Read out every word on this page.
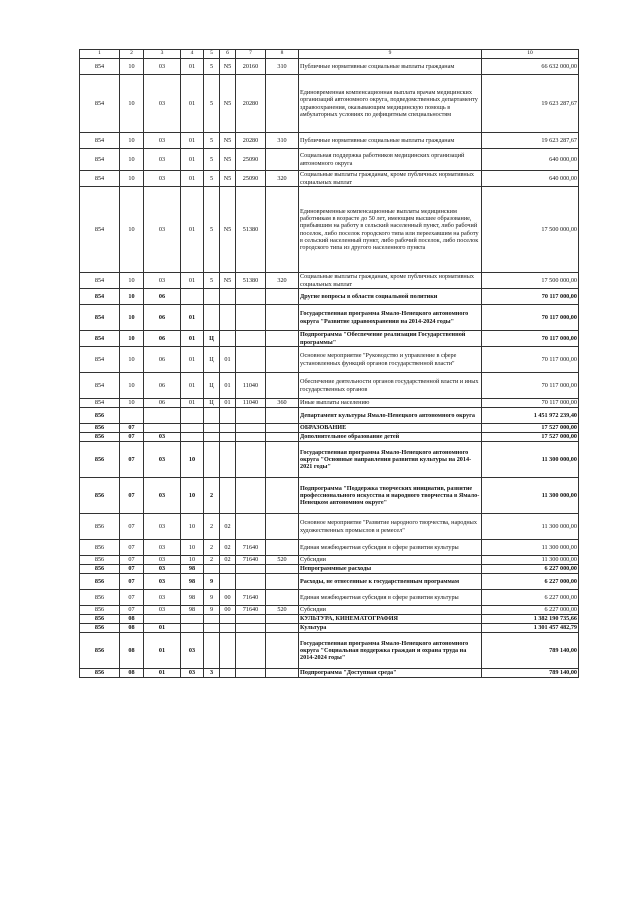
1	2	3	4	5	6	7	8	9	10
854	10	03	01	5	N5	20160	310	Публичные нормативные социальные выплаты гражданам	66 632 000,00
854	10	03	01	5	N5	20280		Единовременная компенсационная выплата врачам медицинских организаций автономного округа, подведомственных департаменту здравоохранения, оказывающим медицинскую помощь в амбулаторных условиях по дефицитным специальностям	19 623 287,67
854	10	03	01	5	N5	20280	310	Публичные нормативные социальные выплаты гражданам	19 623 287,67
854	10	03	01	5	N5	25090		Социальная поддержка работников медицинских организаций автономного округа	640 000,00
854	10	03	01	5	N5	25090	320	Социальные выплаты гражданам, кроме публичных нормативных социальных выплат	640 000,00
854	10	03	01	5	N5	51380		Единовременные компенсационные выплаты медицинским работникам в возрасте до 50 лет, имеющим высшее образование, прибывшим на работу в сельский населенный пункт, либо рабочий поселок, либо поселок городского типа или переехавшим на работу в сельский населенный пункт, либо рабочий поселок, либо поселок городского типа из другого населенного пункта	17 500 000,00
854	10	03	01	5	N5	51380	320	Социальные выплаты гражданам, кроме публичных нормативных социальных выплат	17 500 000,00
854	10	06						Другие вопросы в области социальной политики	70 117 000,00
854	10	06	01					Государственная программа Ямало-Ненецкого автономного округа "Развитие здравоохранения на 2014-2024 годы"	70 117 000,00
854	10	06	01	Ц				Подпрограмма "Обеспечение реализации Государственной программы"	70 117 000,00
854	10	06	01	Ц	01			Основное мероприятие "Руководство и управление в сфере установленных функций органов государственной власти"	70 117 000,00
854	10	06	01	Ц	01	11040		Обеспечение деятельности органов государственной власти и иных государственных органов	70 117 000,00
854	10	06	01	Ц	01	11040	360	Иные выплаты населению	70 117 000,00
856								Департамент культуры Ямало-Ненецкого автономного округа	1 451 972 239,40
856	07							ОБРАЗОВАНИЕ	17 527 000,00
856	07	03						Дополнительное образование детей	17 527 000,00
856	07	03	10					Государственная программа Ямало-Ненецкого автономного округа "Основные направления развития культуры на 2014-2021 годы"	11 300 000,00
856	07	03	10	2				Подпрограмма "Поддержка творческих инициатив, развитие профессионального искусства и народного творчества в Ямало-Ненецком автономном округе"	11 300 000,00
856	07	03	10	2	02			Основное мероприятие "Развитие народного творчества, народных художественных промыслов и ремесел"	11 300 000,00
856	07	03	10	2	02	71640		Единая межбюджетная субсидия в сфере развития культуры	11 300 000,00
856	07	03	10	2	02	71640	520	Субсидии	11 300 000,00
856	07	03	98					Непрограммные расходы	6 227 000,00
856	07	03	98	9				Расходы, не отнесенные к государственным программам	6 227 000,00
856	07	03	98	9	00	71640		Единая межбюджетная субсидия в сфере развития культуры	6 227 000,00
856	07	03	98	9	00	71640	520	Субсидии	6 227 000,00
856	08							КУЛЬТУРА, КИНЕМАТОГРАФИЯ	1 382 190 735,66
856	08	01						Культура	1 301 457 482,79
856	08	01	03					Государственная программа Ямало-Ненецкого автономного округа "Социальная поддержка граждан и охрана труда на 2014-2024 годы"	789 140,00
856	08	01	03	3				Подпрограмма "Доступная среда"	789 140,00
